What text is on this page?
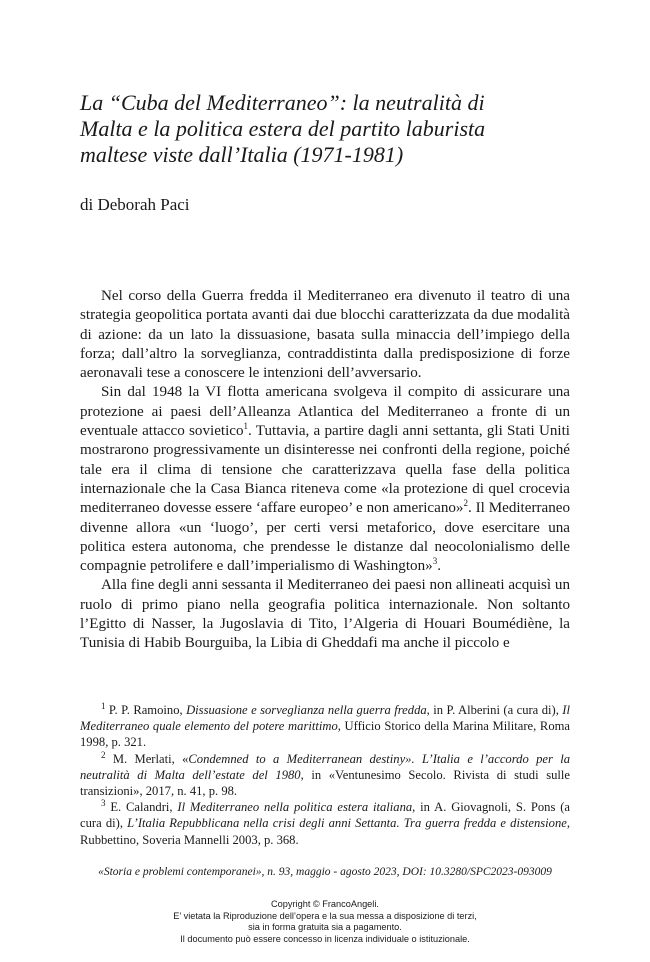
La “Cuba del Mediterraneo”: la neutralità di
Malta e la politica estera del partito laburista
maltese viste dall’Italia (1971-1981)

di Deborah Paci

Nel corso della Guerra fredda il Mediterraneo era divenuto il teatro di una strategia geopolitica portata avanti dai due blocchi caratterizzata da due modalità di azione: da un lato la dissuasione, basata sulla minaccia dell’impiego della forza; dall’altro la sorveglianza, contraddistinta dalla predisposizione di forze aeronavali tese a conoscere le intenzioni dell’avversario.

Sin dal 1948 la VI flotta americana svolgeva il compito di assicurare una protezione ai paesi dell’Alleanza Atlantica del Mediterraneo a fronte di un eventuale attacco sovietico$^1$. Tuttavia, a partire dagli anni settanta, gli Stati Uniti mostrarono progressivamente un disinteresse nei confronti della regione, poiché tale era il clima di tensione che caratterizzava quella fase della politica internazionale che la Casa Bianca riteneva come «la protezione di quel crocevia mediterraneo dovesse essere ‘affare europeo’ e non americano»$^2$. Il Mediterraneo divenne allora «un ‘luogo’, per certi versi metaforico, dove esercitare una politica estera autonoma, che prendesse le distanze dal neocolonialismo delle compagnie petrolifere e dall’imperialismo di Washington»$^3$.

Alla fine degli anni sessanta il Mediterraneo dei paesi non allineati acquisì un ruolo di primo piano nella geografia politica internazionale. Non soltanto l’Egitto di Nasser, la Jugoslavia di Tito, l’Algeria di Houari Boumédiène, la Tunisia di Habib Bourguiba, la Libia di Gheddafi ma anche il piccolo e

$^1$ P. P. Ramoino, Dissuasione e sorveglianza nella guerra fredda, in P. Alberini (a cura di), Il Mediterraneo quale elemento del potere marittimo, Ufficio Storico della Marina Militare, Roma 1998, p. 321.

$^2$ M. Merlati, «Condemned to a Mediterranean destiny». L’Italia e l’accordo per la neutralità di Malta dell’estate del 1980, in «Ventunesimo Secolo. Rivista di studi sulle transizioni», 2017, n. 41, p. 98.

$^3$ E. Calandri, Il Mediterraneo nella politica estera italiana, in A. Giovagnoli, S. Pons (a cura di), L’Italia Repubblicana nella crisi degli anni Settanta. Tra guerra fredda e distensione, Rubbettino, Soveria Mannelli 2003, p. 368.

«Storia e problemi contemporanei», n. 93, maggio - agosto 2023, DOI: 10.3280/SPC2023-093009
Copyright © FrancoAngeli.
E’ vietata la Riproduzione dell’opera e la sua messa a disposizione di terzi,
sia in forma gratuita sia a pagamento.
Il documento può essere concesso in licenza individuale o istituzionale.
